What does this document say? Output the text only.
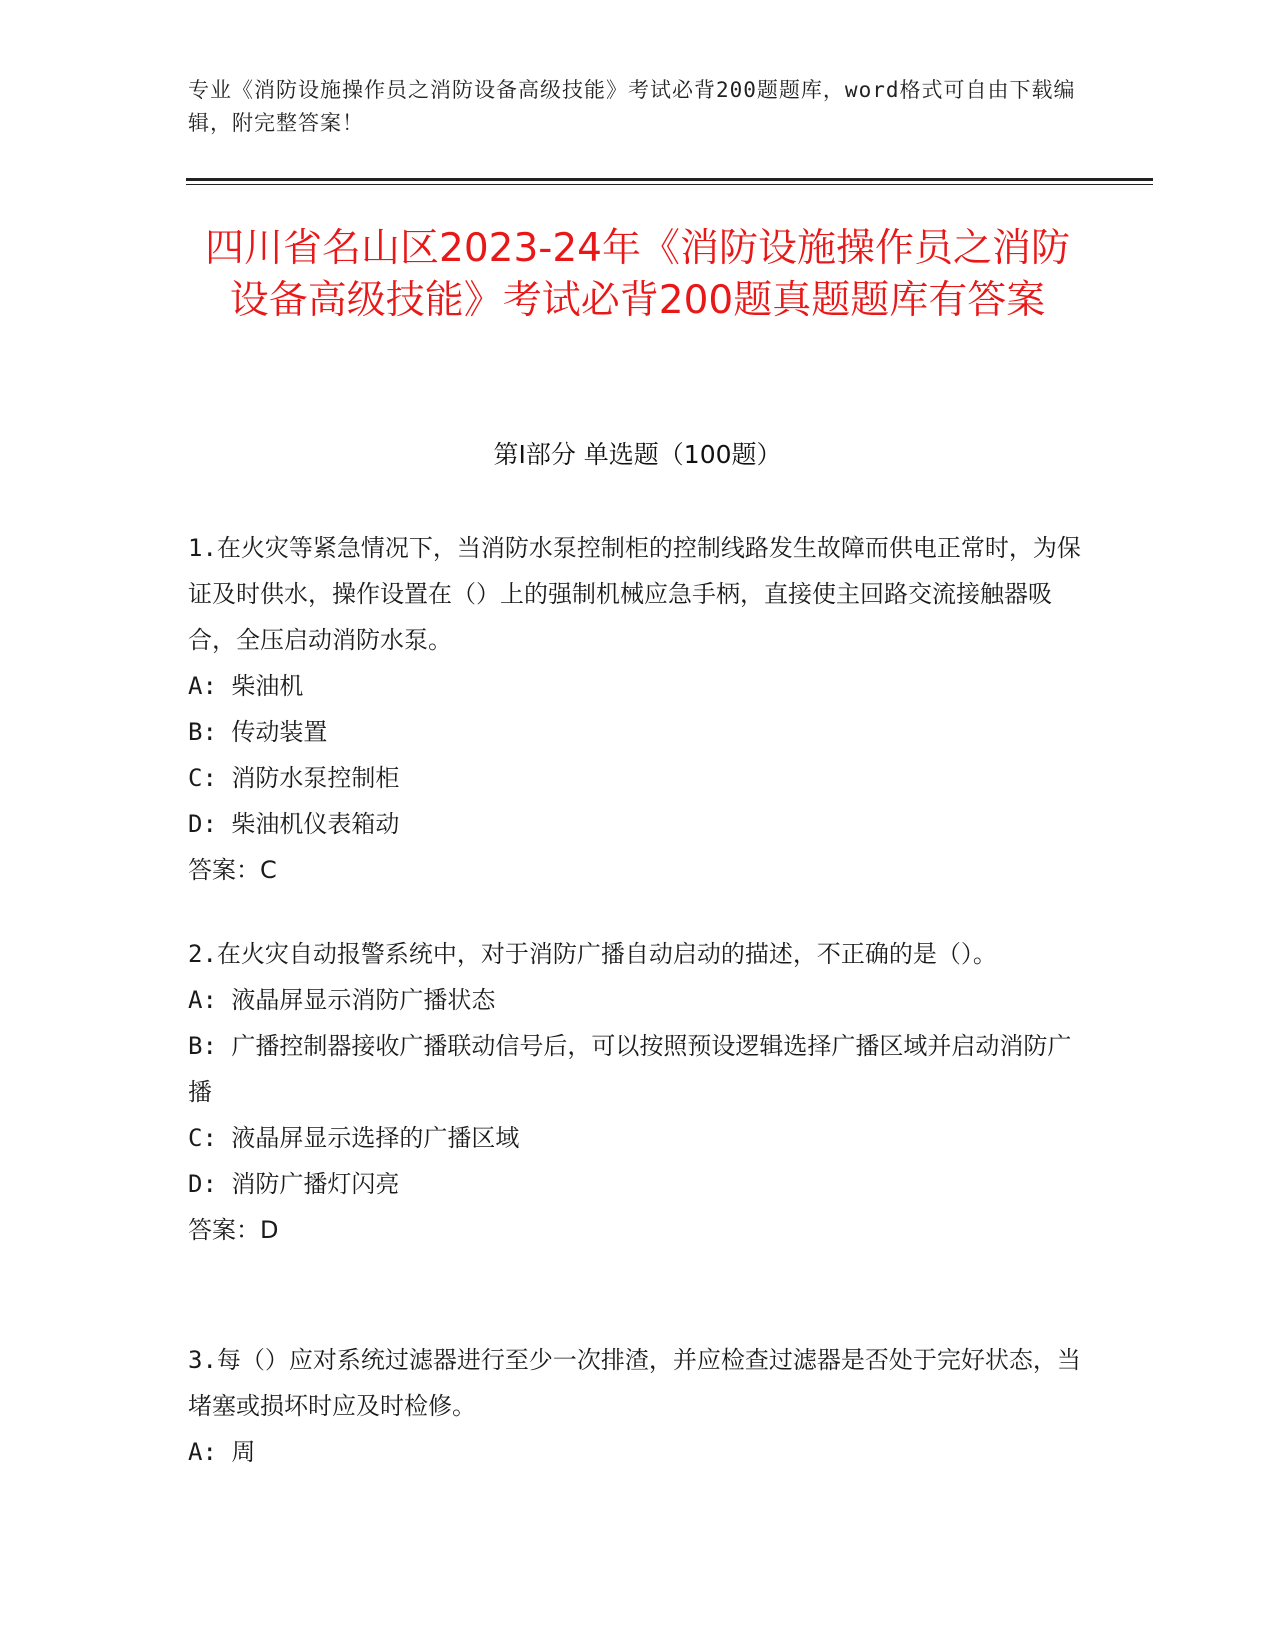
专业《消防设施操作员之消防设备高级技能》考试必背200题题库，word格式可自由下载编辑，附完整答案！
四川省名山区2023-24年《消防设施操作员之消防设备高级技能》考试必背200题真题题库有答案
第Ⅰ部分 单选题（100题）

1.在火灾等紧急情况下，当消防水泵控制柜的控制线路发生故障而供电正常时，为保证及时供水，操作设置在（）上的强制机械应急手柄，直接使主回路交流接触器吸合，全压启动消防水泵。

A: 柴油机

B: 传动装置

C: 消防水泵控制柜

D: 柴油机仪表箱动

答案：C

2.在火灾自动报警系统中，对于消防广播自动启动的描述，不正确的是（）。

A: 液晶屏显示消防广播状态

B: 广播控制器接收广播联动信号后，可以按照预设逻辑选择广播区域并启动消防广播

C: 液晶屏显示选择的广播区域

D: 消防广播灯闪亮

答案：D

3.每（）应对系统过滤器进行至少一次排渣，并应检查过滤器是否处于完好状态，当堵塞或损坏时应及时检修。

A: 周
